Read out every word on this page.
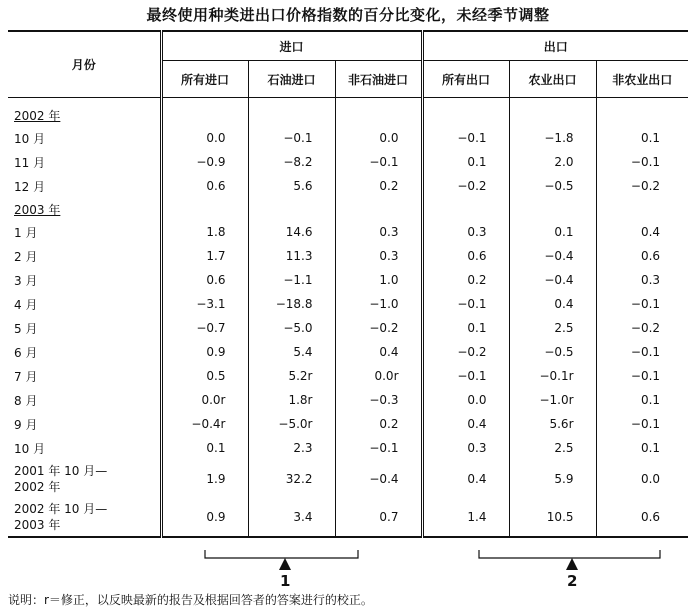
最终使用种类进出口价格指数的百分比变化，未经季节调整
月份	进口			出口		
	所有进口	石油进口	非石油进口	所有出口	农业出口	非农业出口
2002 年						
10 月	0.0	−0.1	0.0	−0.1	−1.8	0.1
11 月	−0.9	−8.2	−0.1	0.1	2.0	−0.1
12 月	0.6	5.6	0.2	−0.2	−0.5	−0.2
2003 年						
1 月	1.8	14.6	0.3	0.3	0.1	0.4
2 月	1.7	11.3	0.3	0.6	−0.4	0.6
3 月	0.6	−1.1	1.0	0.2	−0.4	0.3
4 月	−3.1	−18.8	−1.0	−0.1	0.4	−0.1
5 月	−0.7	−5.0	−0.2	0.1	2.5	−0.2
6 月	0.9	5.4	0.4	−0.2	−0.5	−0.1
7 月	0.5	5.2r	0.0r	−0.1	−0.1r	−0.1
8 月	0.0r	1.8r	−0.3	0.0	−1.0r	0.1
9 月	−0.4r	−5.0r	0.2	0.4	5.6r	−0.1
10 月	0.1	2.3	−0.1	0.3	2.5	0.1
2001 年 10 月—
2002 年	1.9	32.2	−0.4	0.4	5.9	0.0
2002 年 10 月—
2003 年	0.9	3.4	0.7	1.4	10.5	0.6
1	2
说明：r＝修正，以反映最新的报告及根据回答者的答案进行的校正。
